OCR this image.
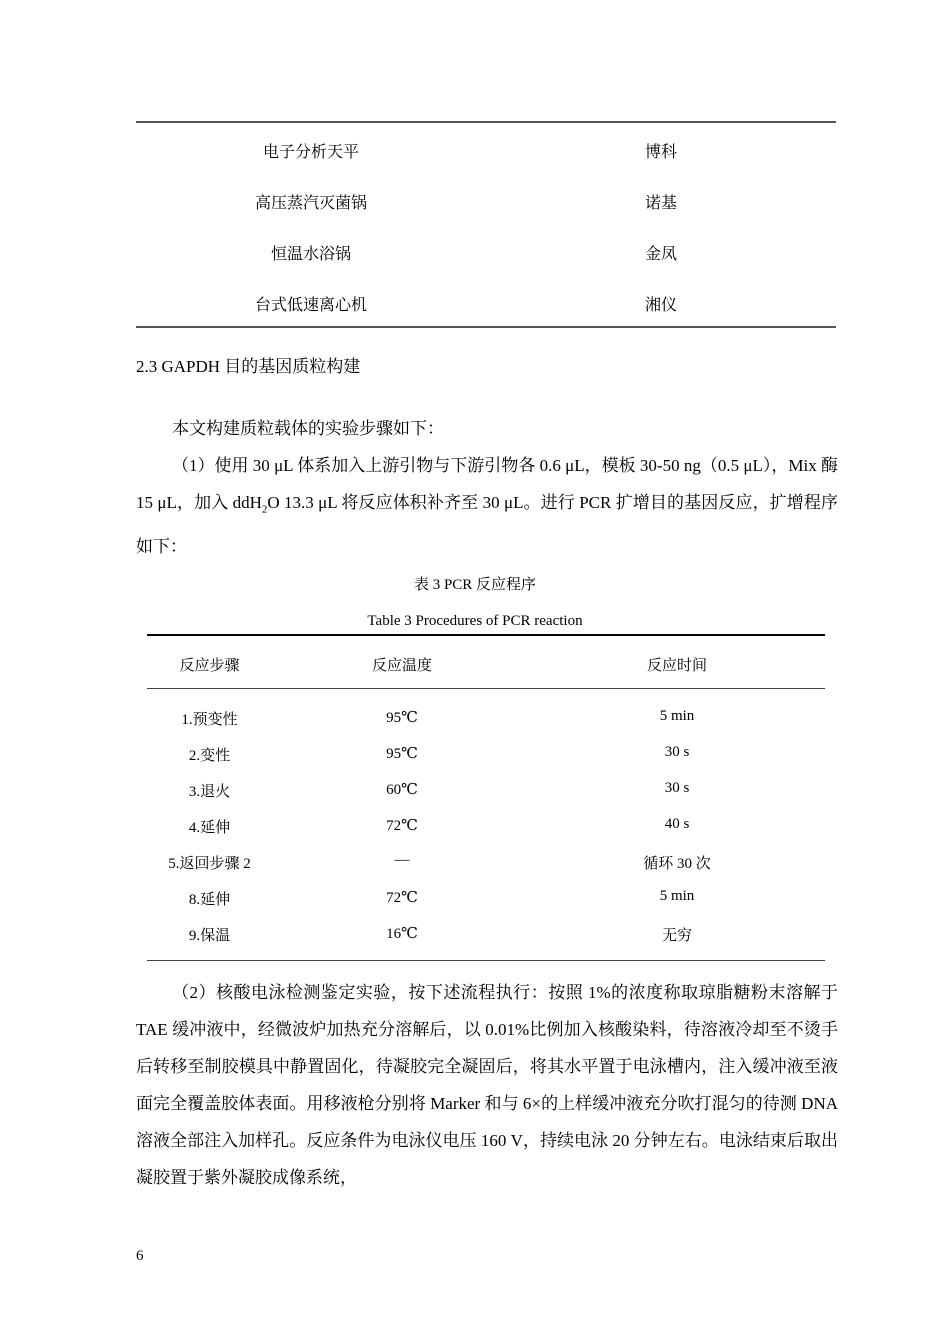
电子分析天平	博科
高压蒸汽灭菌锅	诺基
恒温水浴锅	金凤
台式低速离心机	湘仪
2.3 GAPDH 目的基因质粒构建
本文构建质粒载体的实验步骤如下：
（1）使用 30 μL 体系加入上游引物与下游引物各 0.6 μL，模板 30-50 ng（0.5 μL），Mix 酶 15 μL，加入 ddH$_2$O 13.3 μL 将反应体积补齐至 30 μL。进行 PCR 扩增目的基因反应，扩增程序如下：
表 3 PCR 反应程序
Table 3 Procedures of PCR reaction
反应步骤	反应温度	反应时间
1.预变性	95℃	5 min
2.变性	95℃	30 s
3.退火	60℃	30 s
4.延伸	72℃	40 s
5.返回步骤 2	—	循环 30 次
8.延伸	72℃	5 min
9.保温	16℃	无穷
（2）核酸电泳检测鉴定实验，按下述流程执行：按照 1%的浓度称取琼脂糖粉末溶解于 TAE 缓冲液中，经微波炉加热充分溶解后，以 0.01%比例加入核酸染料，待溶液冷却至不烫手后转移至制胶模具中静置固化，待凝胶完全凝固后，将其水平置于电泳槽内，注入缓冲液至液面完全覆盖胶体表面。用移液枪分别将 Marker 和与 6×的上样缓冲液充分吹打混匀的待测 DNA 溶液全部注入加样孔。反应条件为电泳仪电压 160 V，持续电泳 20 分钟左右。电泳结束后取出凝胶置于紫外凝胶成像系统，
6
